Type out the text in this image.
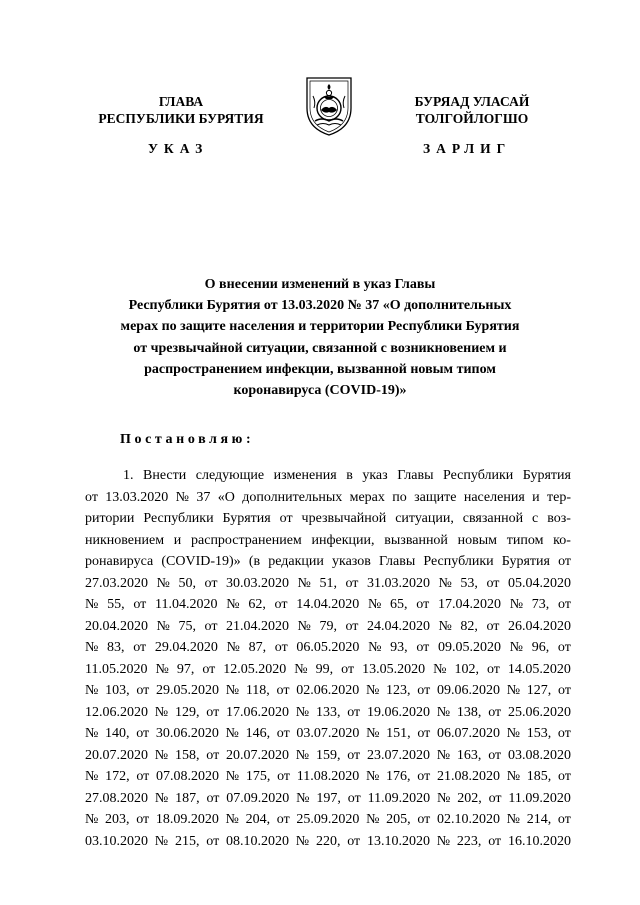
ГЛАВА
РЕСПУБЛИКИ БУРЯТИЯ
БУРЯАД УЛАСАЙ
ТОЛГОЙЛОГШО
УКАЗ	ЗАРЛИГ
О внесении изменений в указ Главы
Республики Бурятия от 13.03.2020 № 37 «О дополнительных
мерах по защите населения и территории Республики Бурятия
от чрезвычайной ситуации, связанной с возникновением и
распространением инфекции, вызванной новым типом
коронавируса (COVID-19)»
Постановляю:
1. Внести следующие изменения в указ Главы Республики Бурятия
от 13.03.2020 № 37 «О дополнительных мерах по защите населения и тер-
ритории Республики Бурятия от чрезвычайной ситуации, связанной с воз-
никновением и распространением инфекции, вызванной новым типом ко-
ронавируса (COVID-19)» (в редакции указов Главы Республики Бурятия от
27.03.2020 № 50, от 30.03.2020 № 51, от 31.03.2020 № 53, от 05.04.2020
№ 55, от 11.04.2020 № 62, от 14.04.2020 № 65, от 17.04.2020 № 73, от
20.04.2020 № 75, от 21.04.2020 № 79, от 24.04.2020 № 82, от 26.04.2020
№ 83, от 29.04.2020 № 87, от 06.05.2020 № 93, от 09.05.2020 № 96, от
11.05.2020 № 97, от 12.05.2020 № 99, от 13.05.2020 № 102, от 14.05.2020
№ 103, от 29.05.2020 № 118, от 02.06.2020 № 123, от 09.06.2020 № 127, от
12.06.2020 № 129, от 17.06.2020 № 133, от 19.06.2020 № 138, от 25.06.2020
№ 140, от 30.06.2020 № 146, от 03.07.2020 № 151, от 06.07.2020 № 153, от
20.07.2020 № 158, от 20.07.2020 № 159, от 23.07.2020 № 163, от 03.08.2020
№ 172, от 07.08.2020 № 175, от 11.08.2020 № 176, от 21.08.2020 № 185, от
27.08.2020 № 187, от 07.09.2020 № 197, от 11.09.2020 № 202, от 11.09.2020
№ 203, от 18.09.2020 № 204, от 25.09.2020 № 205, от 02.10.2020 № 214, от
03.10.2020 № 215, от 08.10.2020 № 220, от 13.10.2020 № 223, от 16.10.2020
